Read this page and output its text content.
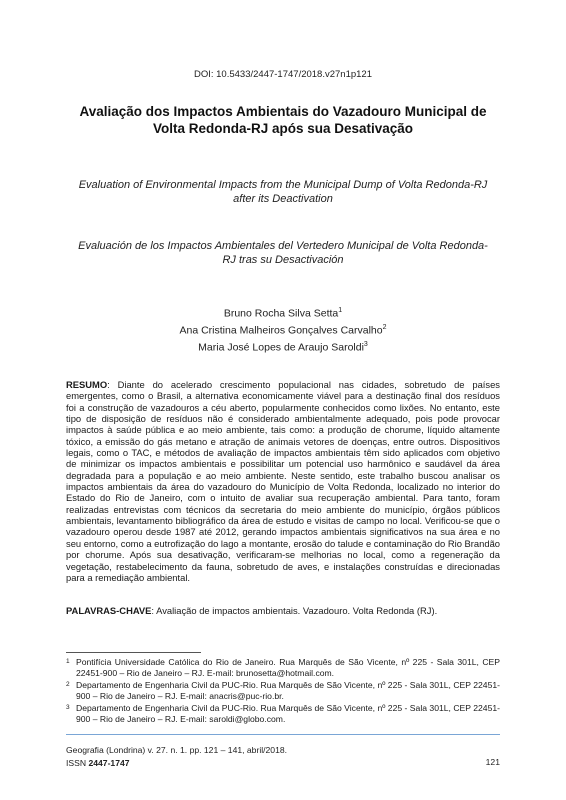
DOI: 10.5433/2447-1747/2018.v27n1p121
Avaliação dos Impactos Ambientais do Vazadouro Municipal de
Volta Redonda-RJ após sua Desativação
Evaluation of Environmental Impacts from the Municipal Dump of Volta Redonda-RJ
after its Deactivation
Evaluación de los Impactos Ambientales del Vertedero Municipal de Volta Redonda-
RJ tras su Desactivación
Bruno Rocha Silva Setta$^1$
Ana Cristina Malheiros Gonçalves Carvalho$^2$
Maria José Lopes de Araujo Saroldi$^3$
RESUMO: Diante do acelerado crescimento populacional nas cidades, sobretudo de países emergentes, como o Brasil, a alternativa economicamente viável para a destinação final dos resíduos foi a construção de vazadouros a céu aberto, popularmente conhecidos como lixões. No entanto, este tipo de disposição de resíduos não é considerado ambientalmente adequado, pois pode provocar impactos à saúde pública e ao meio ambiente, tais como: a produção de chorume, líquido altamente tóxico, a emissão do gás metano e atração de animais vetores de doenças, entre outros. Dispositivos legais, como o TAC, e métodos de avaliação de impactos ambientais têm sido aplicados com objetivo de minimizar os impactos ambientais e possibilitar um potencial uso harmônico e saudável da área degradada para a população e ao meio ambiente. Neste sentido, este trabalho buscou analisar os impactos ambientais da área do vazadouro do Município de Volta Redonda, localizado no interior do Estado do Rio de Janeiro, com o intuito de avaliar sua recuperação ambiental. Para tanto, foram realizadas entrevistas com técnicos da secretaria do meio ambiente do município, órgãos públicos ambientais, levantamento bibliográfico da área de estudo e visitas de campo no local. Verificou-se que o vazadouro operou desde 1987 até 2012, gerando impactos ambientais significativos na sua área e no seu entorno, como a eutrofização do lago a montante, erosão do talude e contaminação do Rio Brandão por chorume. Após sua desativação, verificaram-se melhorias no local, como a regeneração da vegetação, restabelecimento da fauna, sobretudo de aves, e instalações construídas e direcionadas para a remediação ambiental.
PALAVRAS-CHAVE: Avaliação de impactos ambientais. Vazadouro. Volta Redonda (RJ).
1 Pontifícia Universidade Católica do Rio de Janeiro. Rua Marquês de São Vicente, nº 225 - Sala 301L, CEP 22451-900 – Rio de Janeiro – RJ. E-mail: brunosetta@hotmail.com.
2 Departamento de Engenharia Civil da PUC-Rio. Rua Marquês de São Vicente, nº 225 - Sala 301L, CEP 22451-900 – Rio de Janeiro – RJ. E-mail: anacris@puc-rio.br.
3 Departamento de Engenharia Civil da PUC-Rio. Rua Marquês de São Vicente, nº 225 - Sala 301L, CEP 22451-900 – Rio de Janeiro – RJ. E-mail: saroldi@globo.com.
Geografia (Londrina) v. 27. n. 1. pp. 121 – 141, abril/2018.
ISSN 2447-1747	121
